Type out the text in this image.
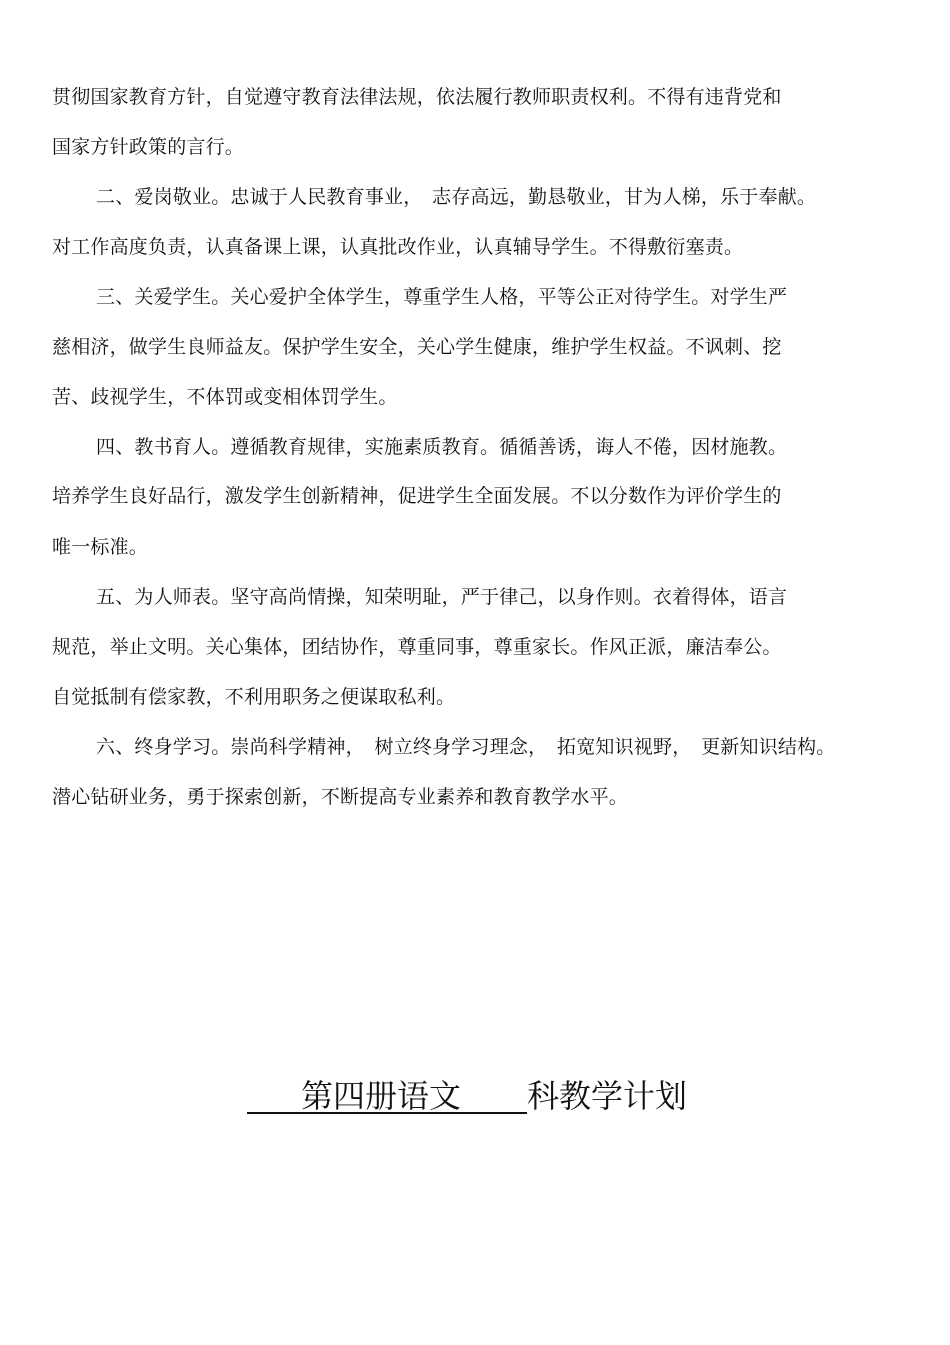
贯彻国家教育方针，自觉遵守教育法律法规，依法履行教师职责权利。不得有违背党和
国家方针政策的言行。
二、爱岗敬业。忠诚于人民教育事业，　志存高远，勤恳敬业，甘为人梯，乐于奉献。
对工作高度负责，认真备课上课，认真批改作业，认真辅导学生。不得敷衍塞责。
三、关爱学生。关心爱护全体学生，尊重学生人格，平等公正对待学生。对学生严
慈相济，做学生良师益友。保护学生安全，关心学生健康，维护学生权益。不讽刺、挖
苦、歧视学生，不体罚或变相体罚学生。
四、教书育人。遵循教育规律，实施素质教育。循循善诱，诲人不倦，因材施教。
培养学生良好品行，激发学生创新精神，促进学生全面发展。不以分数作为评价学生的
唯一标准。
五、为人师表。坚守高尚情操，知荣明耻，严于律己，以身作则。衣着得体，语言
规范，举止文明。关心集体，团结协作，尊重同事，尊重家长。作风正派，廉洁奉公。
自觉抵制有偿家教，不利用职务之便谋取私利。
六、终身学习。崇尚科学精神，　树立终身学习理念，　拓宽知识视野，　更新知识结构。
潜心钻研业务，勇于探索创新，不断提高专业素养和教育教学水平。
第四册语文 科教学计划
